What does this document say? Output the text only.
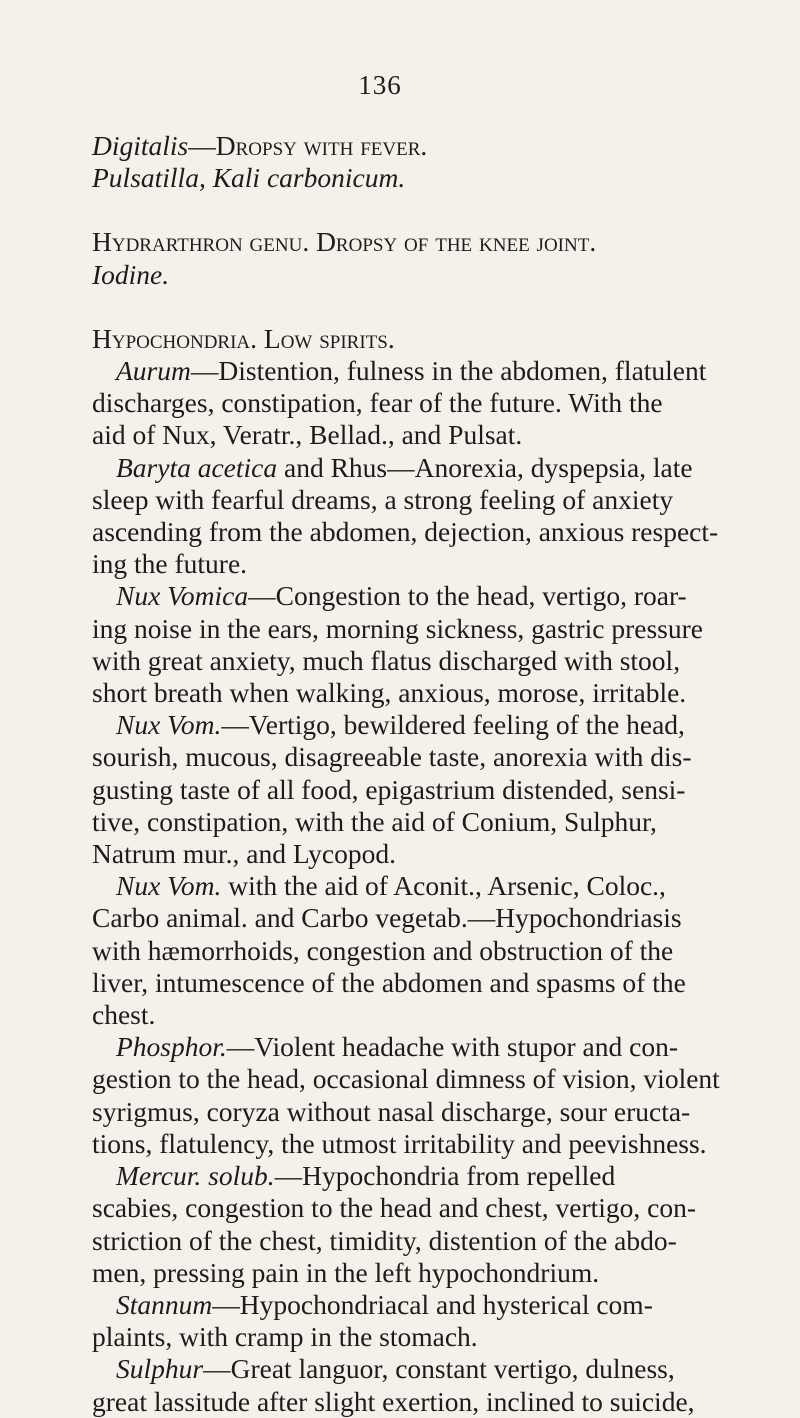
136
Digitalis—Dropsy with fever.
Pulsatilla, Kali carbonicum.
Hydrarthron genu. Dropsy of the knee joint.
Iodine.
Hypochondria. Low spirits.
Aurum—Distention, fulness in the abdomen, flatulent
discharges, constipation, fear of the future. With the
aid of Nux, Veratr., Bellad., and Pulsat.
Baryta acetica and Rhus—Anorexia, dyspepsia, late
sleep with fearful dreams, a strong feeling of anxiety
ascending from the abdomen, dejection, anxious respect-
ing the future.
Nux Vomica—Congestion to the head, vertigo, roar-
ing noise in the ears, morning sickness, gastric pressure
with great anxiety, much flatus discharged with stool,
short breath when walking, anxious, morose, irritable.
Nux Vom.—Vertigo, bewildered feeling of the head,
sourish, mucous, disagreeable taste, anorexia with dis-
gusting taste of all food, epigastrium distended, sensi-
tive, constipation, with the aid of Conium, Sulphur,
Natrum mur., and Lycopod.
Nux Vom. with the aid of Aconit., Arsenic, Coloc.,
Carbo animal. and Carbo vegetab.—Hypochondriasis
with hæmorrhoids, congestion and obstruction of the
liver, intumescence of the abdomen and spasms of the
chest.
Phosphor.—Violent headache with stupor and con-
gestion to the head, occasional dimness of vision, violent
syrigmus, coryza without nasal discharge, sour eructa-
tions, flatulency, the utmost irritability and peevishness.
Mercur. solub.—Hypochondria from repelled
scabies, congestion to the head and chest, vertigo, con-
striction of the chest, timidity, distention of the abdo-
men, pressing pain in the left hypochondrium.
Stannum—Hypochondriacal and hysterical com-
plaints, with cramp in the stomach.
Sulphur—Great languor, constant vertigo, dulness,
great lassitude after slight exertion, inclined to suicide,
